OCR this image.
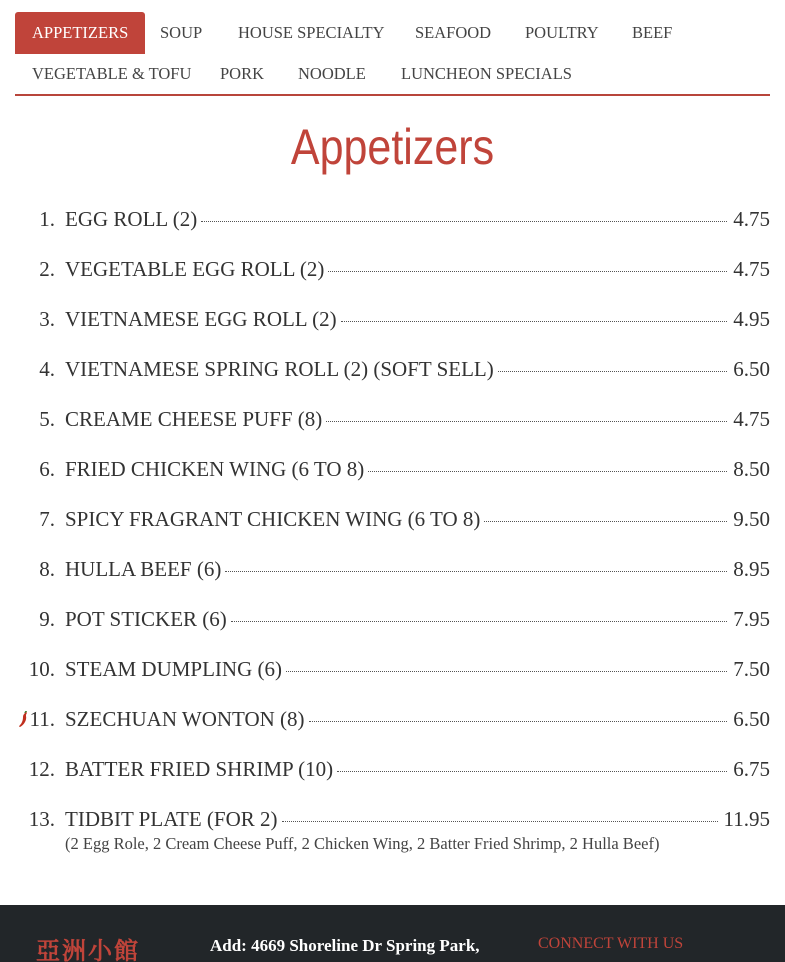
APPETIZERS	SOUP	HOUSE SPECIALTY	SEAFOOD	POULTRY	BEEF
VEGETABLE & TOFU	PORK	NOODLE	LUNCHEON SPECIALS
Appetizers
1. EGG ROLL (2)	4.75
2. VEGETABLE EGG ROLL (2)	4.75
3. VIETNAMESE EGG ROLL (2)	4.95
4. VIETNAMESE SPRING ROLL (2) (SOFT SELL)	6.50
5. CREAME CHEESE PUFF (8)	4.75
6. FRIED CHICKEN WING (6 TO 8)	8.50
7. SPICY FRAGRANT CHICKEN WING (6 TO 8)	9.50
8. HULLA BEEF (6)	8.95
9. POT STICKER (6)	7.95
10. STEAM DUMPLING (6)	7.50
11. SZECHUAN WONTON (8)	6.50
12. BATTER FRIED SHRIMP (10)	6.75
13. TIDBIT PLATE (FOR 2)	11.95
(2 Egg Role, 2 Cream Cheese Puff, 2 Chicken Wing, 2 Batter Fried Shrimp, 2 Hulla Beef)
亞洲小館	Add: 4669 Shoreline Dr Spring Park,	CONNECT WITH US
